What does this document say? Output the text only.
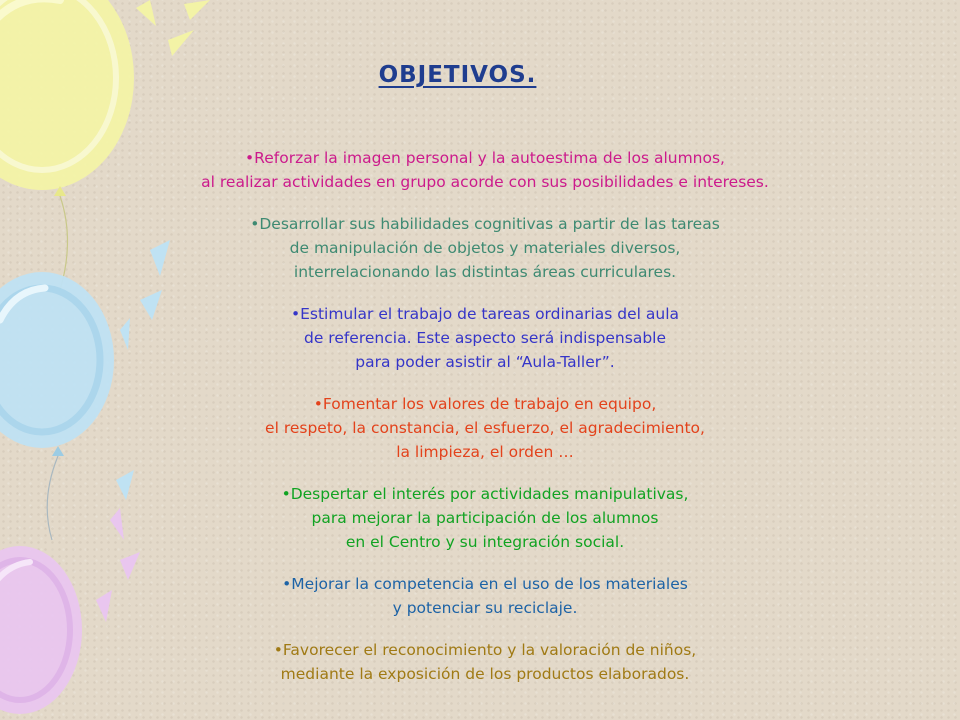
OBJETIVOS.
•Reforzar la imagen personal y la autoestima de los alumnos,
al realizar actividades en grupo acorde con sus posibilidades e intereses.
•Desarrollar sus habilidades cognitivas a partir de las tareas
de manipulación de objetos y materiales diversos,
interrelacionando las distintas áreas curriculares.
•Estimular el trabajo de tareas ordinarias del aula
de referencia. Este aspecto será indispensable
para poder asistir al “Aula-Taller”.
•Fomentar los valores de trabajo en equipo,
el respeto, la constancia, el esfuerzo, el agradecimiento,
la limpieza, el orden …
•Despertar el interés por actividades manipulativas,
para mejorar la participación de los alumnos
en el Centro y su integración social.
•Mejorar la competencia en el uso de los materiales
y potenciar su reciclaje.
•Favorecer el reconocimiento y la valoración de niños,
mediante la exposición de los productos elaborados.
